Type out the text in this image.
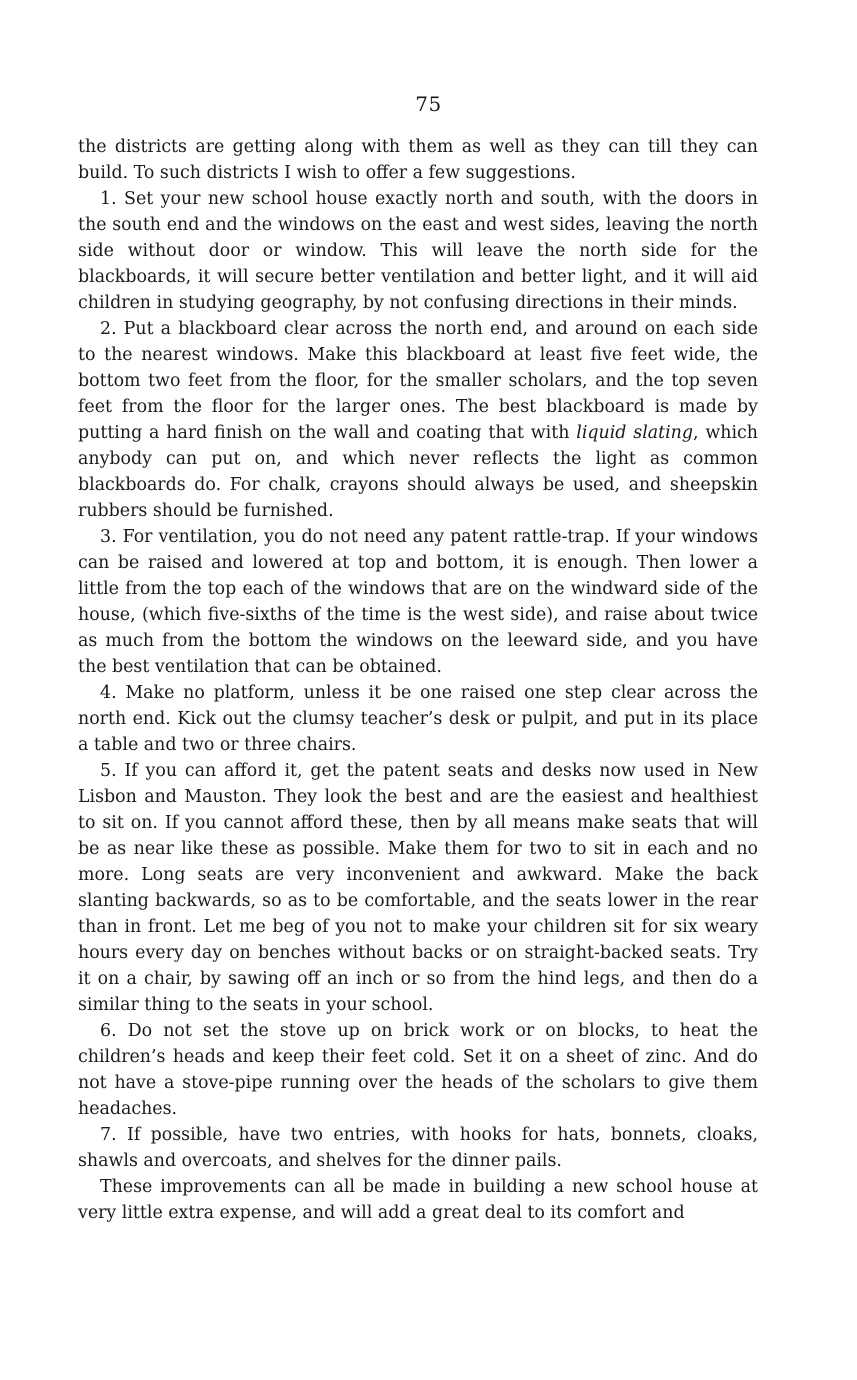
75

the districts are getting along with them as well as they can till they can build. To such districts I wish to offer a few suggestions.

1. Set your new school house exactly north and south, with the doors in the south end and the windows on the east and west sides, leaving the north side without door or window. This will leave the north side for the blackboards, it will secure better ventilation and better light, and it will aid children in studying geography, by not confusing directions in their minds.

2. Put a blackboard clear across the north end, and around on each side to the nearest windows. Make this blackboard at least five feet wide, the bottom two feet from the floor, for the smaller scholars, and the top seven feet from the floor for the larger ones. The best blackboard is made by putting a hard finish on the wall and coating that with liquid slating, which anybody can put on, and which never reflects the light as common blackboards do. For chalk, crayons should always be used, and sheepskin rubbers should be furnished.

3. For ventilation, you do not need any patent rattle-trap. If your windows can be raised and lowered at top and bottom, it is enough. Then lower a little from the top each of the windows that are on the windward side of the house, (which five-sixths of the time is the west side), and raise about twice as much from the bottom the windows on the leeward side, and you have the best ventilation that can be obtained.

4. Make no platform, unless it be one raised one step clear across the north end. Kick out the clumsy teacher’s desk or pulpit, and put in its place a table and two or three chairs.

5. If you can afford it, get the patent seats and desks now used in New Lisbon and Mauston. They look the best and are the easiest and healthiest to sit on. If you cannot afford these, then by all means make seats that will be as near like these as possible. Make them for two to sit in each and no more. Long seats are very inconvenient and awkward. Make the back slanting backwards, so as to be comfortable, and the seats lower in the rear than in front. Let me beg of you not to make your children sit for six weary hours every day on benches without backs or on straight-backed seats. Try it on a chair, by sawing off an inch or so from the hind legs, and then do a similar thing to the seats in your school.

6. Do not set the stove up on brick work or on blocks, to heat the children’s heads and keep their feet cold. Set it on a sheet of zinc. And do not have a stove-pipe running over the heads of the scholars to give them headaches.

7. If possible, have two entries, with hooks for hats, bonnets, cloaks, shawls and overcoats, and shelves for the dinner pails.

These improvements can all be made in building a new school house at very little extra expense, and will add a great deal to its comfort and
